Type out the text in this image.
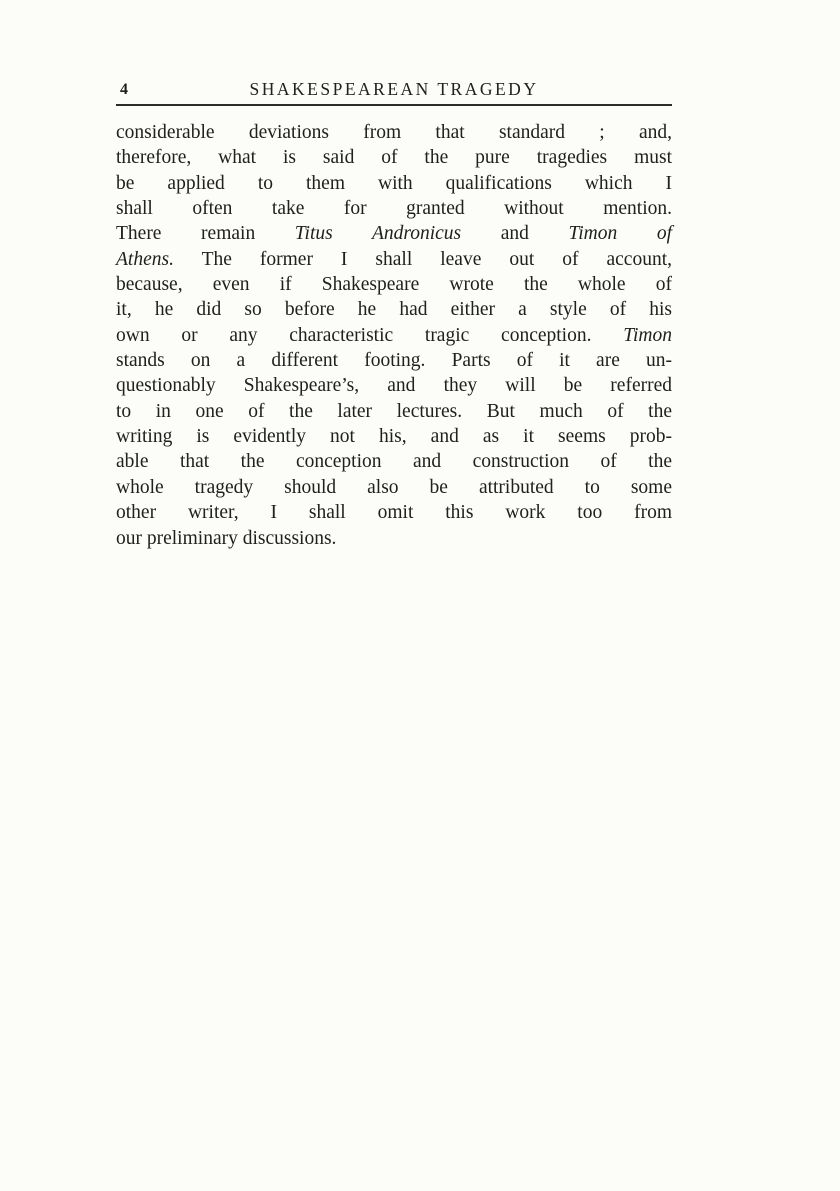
4	SHAKESPEAREAN TRAGEDY
considerable deviations from that standard ; and,
therefore, what is said of the pure tragedies must
be applied to them with qualifications which I
shall often take for granted without mention.
There remain Titus Andronicus and Timon of
Athens. The former I shall leave out of account,
because, even if Shakespeare wrote the whole of
it, he did so before he had either a style of his
own or any characteristic tragic conception. Timon
stands on a different footing. Parts of it are un-
questionably Shakespeare’s, and they will be referred
to in one of the later lectures. But much of the
writing is evidently not his, and as it seems prob-
able that the conception and construction of the
whole tragedy should also be attributed to some
other writer, I shall omit this work too from
our preliminary discussions.
